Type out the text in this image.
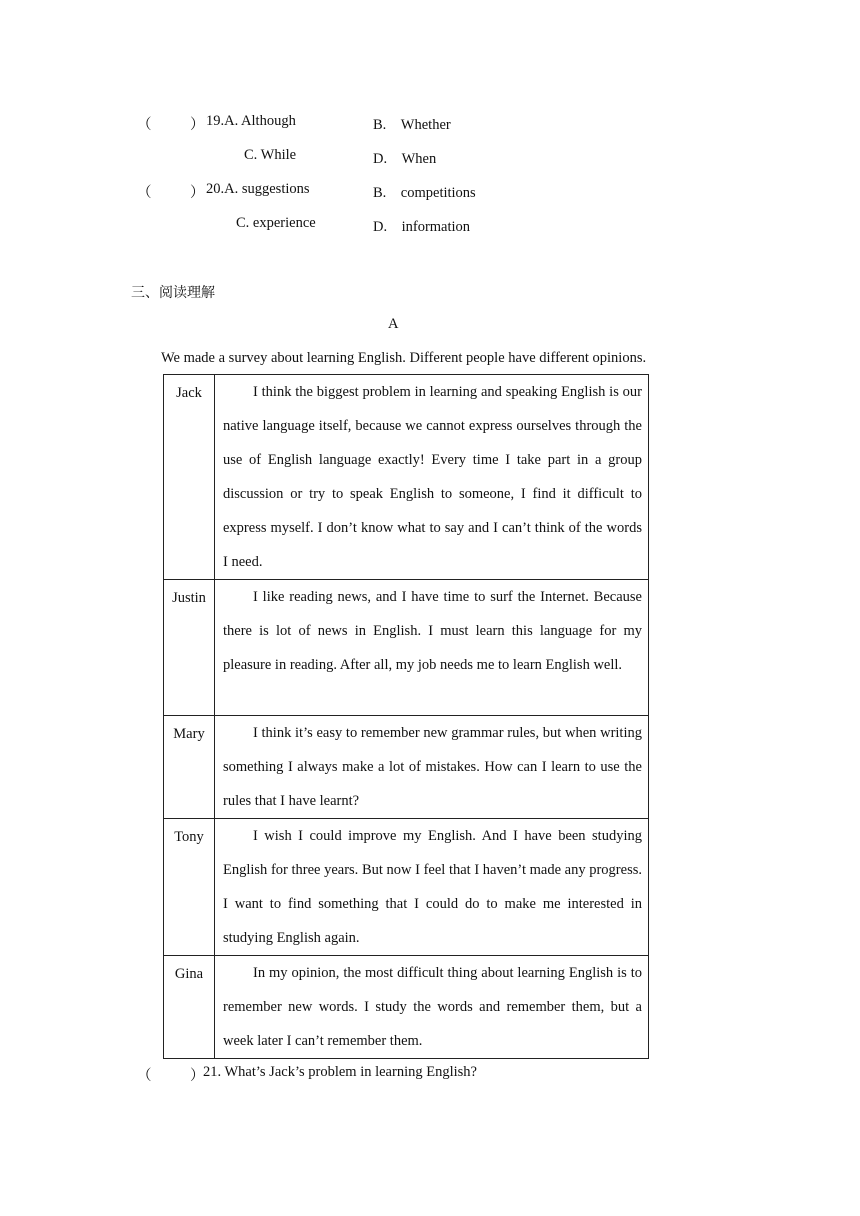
（	） 19.A. Although	B.　Whether
C. While	D.　When
（	） 20.A. suggestions	B.　competitions
C. experience	D.　information
三、阅读理解
A
We made a survey about learning English. Different people have different opinions.
Jack	I think the biggest problem in learning and speaking English is our native language itself, because we cannot express ourselves through the use of English language exactly! Every time I take part in a group discussion or try to speak English to someone, I find it difficult to express myself. I don’t know what to say and I can’t think of the words I need.

Justin	I like reading news, and I have time to surf the Internet. Because there is lot of news in English. I must learn this language for my pleasure in reading. After all, my job needs me to learn English well.

Mary	I think it’s easy to remember new grammar rules, but when writing something I always make a lot of mistakes. How can I learn to use the rules that I have learnt?

Tony	I wish I could improve my English. And I have been studying English for three years. But now I feel that I haven’t made any progress. I want to find something that I could do to make me interested in studying English again.

Gina	In my opinion, the most difficult thing about learning English is to remember new words. I study the words and remember them, but a week later I can’t remember them.
（	）
21. What’s Jack’s problem in learning English?
